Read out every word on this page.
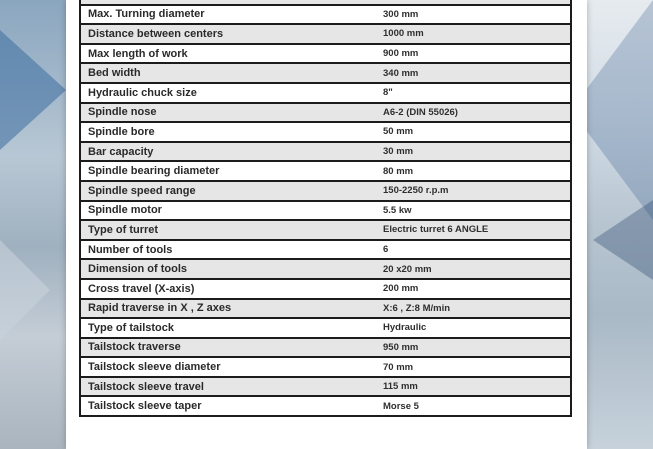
Max. Turning diameter	300 mm
Distance between centers	1000 mm
Max length of work	900 mm
Bed width	340 mm
Hydraulic chuck size	8"
Spindle nose	A6-2 (DIN 55026)
Spindle bore	50 mm
Bar capacity	30 mm
Spindle bearing diameter	80 mm
Spindle speed range	150-2250 r.p.m
Spindle motor	5.5 kw
Type of turret	Electric turret 6 ANGLE
Number of tools	6
Dimension of tools	20 x20 mm
Cross travel (X-axis)	200 mm
Rapid traverse in X , Z axes	X:6 , Z:8 M/min
Type of tailstock	Hydraulic
Tailstock traverse	950 mm
Tailstock sleeve diameter	70 mm
Tailstock sleeve travel	115 mm
Tailstock sleeve taper	Morse 5
